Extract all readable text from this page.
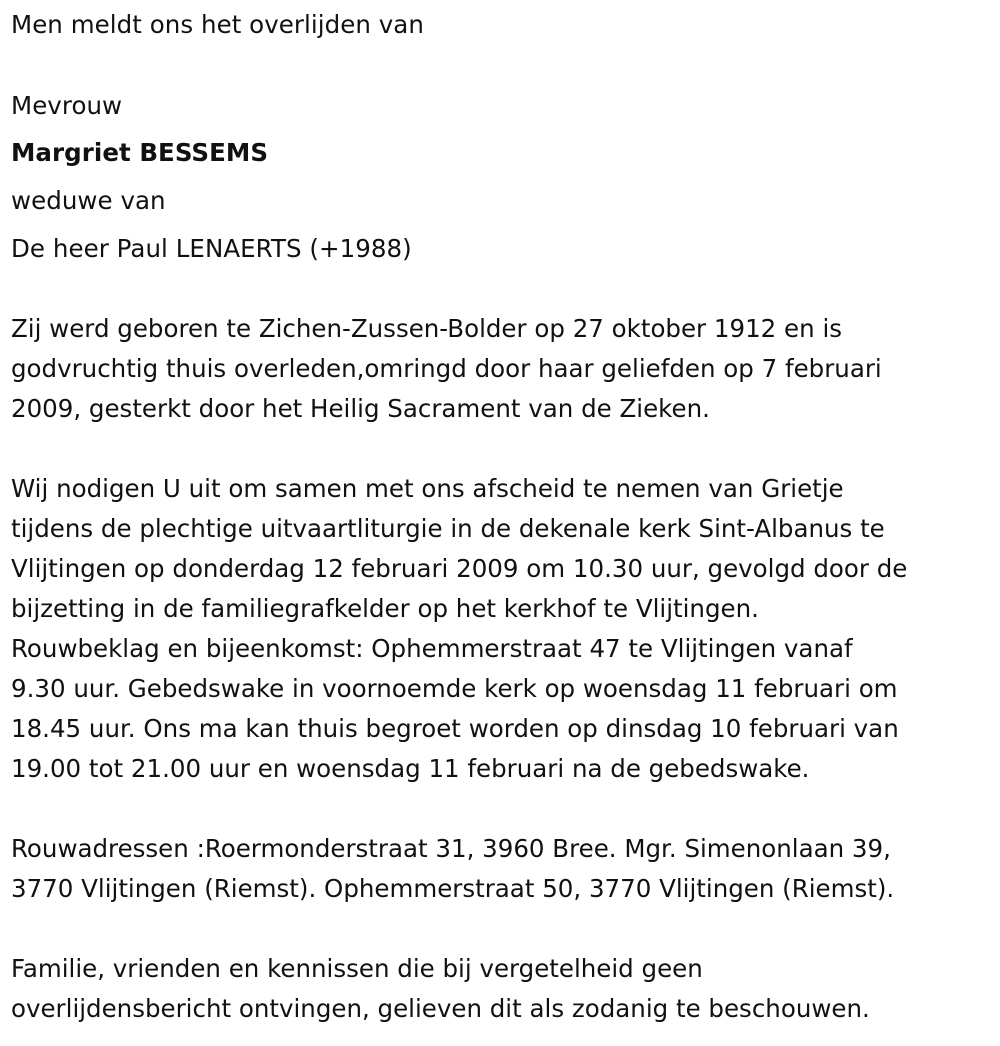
Men meldt ons het overlijden van
Mevrouw
Margriet BESSEMS
weduwe van
De heer Paul LENAERTS (+1988)
Zij werd geboren te Zichen-Zussen-Bolder op 27 oktober 1912 en is
godvruchtig thuis overleden,omringd door haar geliefden op 7 februari
2009, gesterkt door het Heilig Sacrament van de Zieken.
Wij nodigen U uit om samen met ons afscheid te nemen van Grietje
tijdens de plechtige uitvaartliturgie in de dekenale kerk Sint-Albanus te
Vlijtingen op donderdag 12 februari 2009 om 10.30 uur, gevolgd door de
bijzetting in de familiegrafkelder op het kerkhof te Vlijtingen.
Rouwbeklag en bijeenkomst: Ophemmerstraat 47 te Vlijtingen vanaf
9.30 uur. Gebedswake in voornoemde kerk op woensdag 11 februari om
18.45 uur. Ons ma kan thuis begroet worden op dinsdag 10 februari van
19.00 tot 21.00 uur en woensdag 11 februari na de gebedswake.
Rouwadressen :Roermonderstraat 31, 3960 Bree. Mgr. Simenonlaan 39,
3770 Vlijtingen (Riemst). Ophemmerstraat 50, 3770 Vlijtingen (Riemst).
Familie, vrienden en kennissen die bij vergetelheid geen
overlijdensbericht ontvingen, gelieven dit als zodanig te beschouwen.
